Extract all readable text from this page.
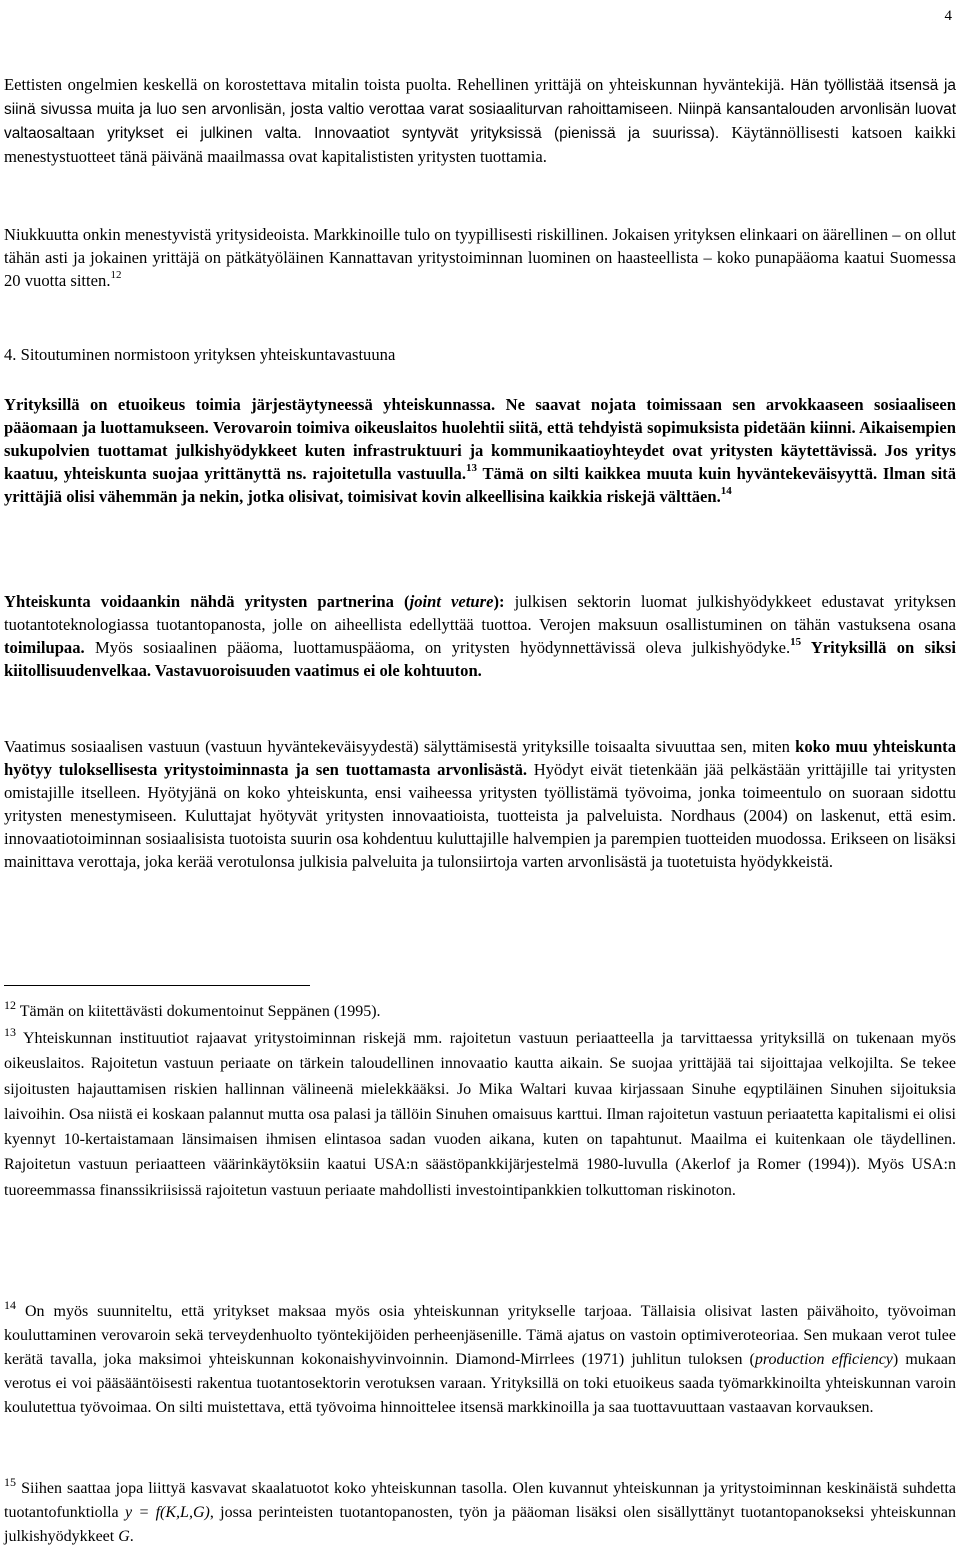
4

Eettisten ongelmien keskellä on korostettava mitalin toista puolta. Rehellinen yrittäjä on yhteiskunnan hyväntekijä. Hän työllistää itsensä ja siinä sivussa muita ja luo sen arvonlisän, josta valtio verottaa varat sosiaaliturvan rahoittamiseen. Niinpä kansantalouden arvonlisän luovat valtaosaltaan yritykset ei julkinen valta. Innovaatiot syntyvät yrityksissä (pienissä ja suurissa). Käytännöllisesti katsoen kaikki menestystuotteet tänä päivänä maailmassa ovat kapitalististen yritysten tuottamia.

Niukkuutta onkin menestyvistä yritysideoista. Markkinoille tulo on tyypillisesti riskillinen. Jokaisen yrityksen elinkaari on äärellinen – on ollut tähän asti ja jokainen yrittäjä on pätkätyöläinen Kannattavan yritystoiminnan luominen on haasteellista – koko punapääoma kaatui Suomessa 20 vuotta sitten.$^{12}$

4. Sitoutuminen normistoon yrityksen yhteiskuntavastuuna

Yrityksillä on etuoikeus toimia järjestäytyneessä yhteiskunnassa. Ne saavat nojata toimissaan sen arvokkaaseen sosiaaliseen pääomaan ja luottamukseen. Verovaroin toimiva oikeuslaitos huolehtii siitä, että tehdyistä sopimuksista pidetään kiinni. Aikaisempien sukupolvien tuottamat julkishyödykkeet kuten infrastruktuuri ja kommunikaatioyhteydet ovat yritysten käytettävissä. Jos yritys kaatuu, yhteiskunta suojaa yrittänyttä ns. rajoitetulla vastuulla.$^{13}$ Tämä on silti kaikkea muuta kuin hyväntekeväisyyttä. Ilman sitä yrittäjiä olisi vähemmän ja nekin, jotka olisivat, toimisivat kovin alkeellisina kaikkia riskejä välttäen.$^{14}$

Yhteiskunta voidaankin nähdä yritysten partnerina (joint veture): julkisen sektorin luomat julkishyödykkeet edustavat yrityksen tuotantoteknologiassa tuotantopanosta, jolle on aiheellista edellyttää tuottoa. Verojen maksuun osallistuminen on tähän vastuksena osana toimilupaa. Myös sosiaalinen pääoma, luottamuspääoma, on yritysten hyödynnettävissä oleva julkishyödyke.$^{15}$ Yrityksillä on siksi kiitollisuudenvelkaa. Vastavuoroisuuden vaatimus ei ole kohtuuton.

Vaatimus sosiaalisen vastuun (vastuun hyväntekeväisyydestä) sälyttämisestä yrityksille toisaalta sivuuttaa sen, miten koko muu yhteiskunta hyötyy tuloksellisesta yritystoiminnasta ja sen tuottamasta arvonlisästä. Hyödyt eivät tietenkään jää pelkästään yrittäjille tai yritysten omistajille itselleen. Hyötyjänä on koko yhteiskunta, ensi vaiheessa yritysten työllistämä työvoima, jonka toimeentulo on suoraan sidottu yritysten menestymiseen. Kuluttajat hyötyvät yritysten innovaatioista, tuotteista ja palveluista. Nordhaus (2004) on laskenut, että esim. innovaatiotoiminnan sosiaalisista tuotoista suurin osa kohdentuu kuluttajille halvempien ja parempien tuotteiden muodossa. Erikseen on lisäksi mainittava verottaja, joka kerää verotulonsa julkisia palveluita ja tulonsiirtoja varten arvonlisästä ja tuotetuista hyödykkeistä.

$^{12}$ Tämän on kiitettävästi dokumentoinut Seppänen (1995).

$^{13}$ Yhteiskunnan instituutiot rajaavat yritystoiminnan riskejä mm. rajoitetun vastuun periaatteella ja tarvittaessa yrityksillä on tukenaan myös oikeuslaitos. Rajoitetun vastuun periaate on tärkein taloudellinen innovaatio kautta aikain. Se suojaa yrittäjää tai sijoittajaa velkojilta. Se tekee sijoitusten hajauttamisen riskien hallinnan välineenä mielekkääksi. Jo Mika Waltari kuvaa kirjassaan Sinuhe eqyptiläinen Sinuhen sijoituksia laivoihin. Osa niistä ei koskaan palannut mutta osa palasi ja tällöin Sinuhen omaisuus karttui. Ilman rajoitetun vastuun periaatetta kapitalismi ei olisi kyennyt 10-kertaistamaan länsimaisen ihmisen elintasoa sadan vuoden aikana, kuten on tapahtunut. Maailma ei kuitenkaan ole täydellinen. Rajoitetun vastuun periaatteen väärinkäytöksiin kaatui USA:n säästöpankkijärjestelmä 1980-luvulla (Akerlof ja Romer (1994)). Myös USA:n tuoreemmassa finanssikriisissä rajoitetun vastuun periaate mahdollisti investointipankkien tolkuttoman riskinoton.

$^{14}$ On myös suunniteltu, että yritykset maksaa myös osia yhteiskunnan yritykselle tarjoaa. Tällaisia olisivat lasten päivähoito, työvoiman kouluttaminen verovaroin sekä terveydenhuolto työntekijöiden perheenjäsenille. Tämä ajatus on vastoin optimiveroteoriaa. Sen mukaan verot tulee kerätä tavalla, joka maksimoi yhteiskunnan kokonaishyvinvoinnin. Diamond-Mirrlees (1971) juhlitun tuloksen (production efficiency) mukaan verotus ei voi pääsääntöisesti rakentua tuotantosektorin verotuksen varaan. Yrityksillä on toki etuoikeus saada työmarkkinoilta yhteiskunnan varoin koulutettua työvoimaa. On silti muistettava, että työvoima hinnoittelee itsensä markkinoilla ja saa tuottavuuttaan vastaavan korvauksen.

$^{15}$ Siihen saattaa jopa liittyä kasvavat skaalatuotot koko yhteiskunnan tasolla. Olen kuvannut yhteiskunnan ja yritystoiminnan keskinäistä suhdetta tuotantofunktiolla y = f(K,L,G), jossa perinteisten tuotantopanosten, työn ja pääoman lisäksi olen sisällyttänyt tuotantopanokseksi yhteiskunnan julkishyödykkeet G.
